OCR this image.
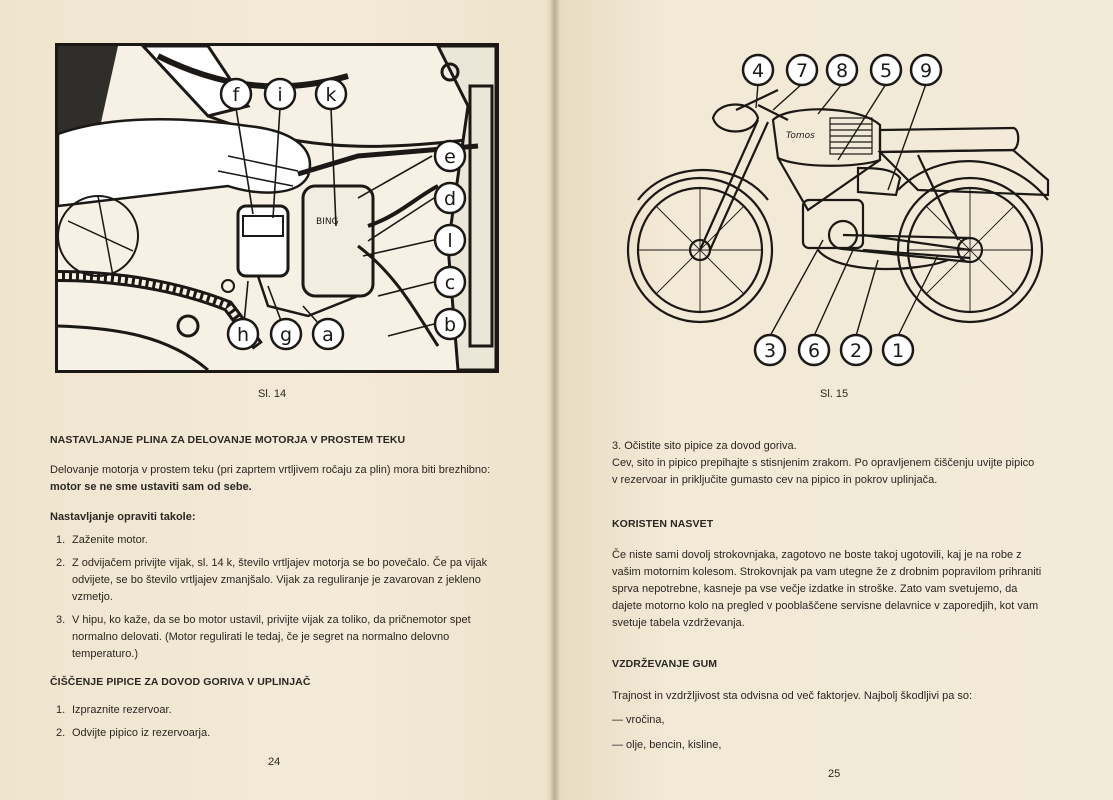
BING
f i k
e
d
l
c
b
h g a
Sl. 14
NASTAVLJANJE PLINA ZA DELOVANJE MOTORJA V PROSTEM TEKU
Delovanje motorja v prostem teku (pri zaprtem vrtljivem ročaju za plin) mora biti brezhibno: motor se ne sme ustaviti sam od sebe.
Nastavljanje opraviti takole:
1. Zaženite motor.
2. Z odvijačem privijte vijak, sl. 14 k, število vrtljajev motorja se bo povečalo. Če pa vijak odvijete, se bo število vrtljajev zmanjšalo. Vijak za reguliranje je zavarovan z jekleno vzmetjo.
3. V hipu, ko kaže, da se bo motor ustavil, privijte vijak za toliko, da pričnemotor spet normalno delovati. (Motor regulirati le tedaj, če je segret na normalno delovno temperaturo.)
ČIŠČENJE PIPICE ZA DOVOD GORIVA V UPLINJAČ
1. Izpraznite rezervoar.
2. Odvijte pipico iz rezervoarja.
24
Tomos
4 7 8 5 9
3 6 2 1
Sl. 15
3. Očistite sito pipice za dovod goriva.
Cev, sito in pipico prepihajte s stisnjenim zrakom. Po opravljenem čiščenju uvijte pipico v rezervoar in priključite gumasto cev na pipico in pokrov uplinjača.
KORISTEN NASVET
Če niste sami dovolj strokovnjaka, zagotovo ne boste takoj ugotovili, kaj je na robe z vašim motornim kolesom. Strokovnjak pa vam utegne že z drobnim popravilom prihraniti sprva nepotrebne, kasneje pa vse večje izdatke in stroške. Zato vam svetujemo, da dajete motorno kolo na pregled v pooblaščene servisne delavnice v zaporedjih, kot vam svetuje tabela vzdrževanja.
VZDRŽEVANJE GUM
Trajnost in vzdržljivost sta odvisna od več faktorjev. Najbolj škodljivi pa so:
— vročina,
— olje, bencin, kisline,
25
